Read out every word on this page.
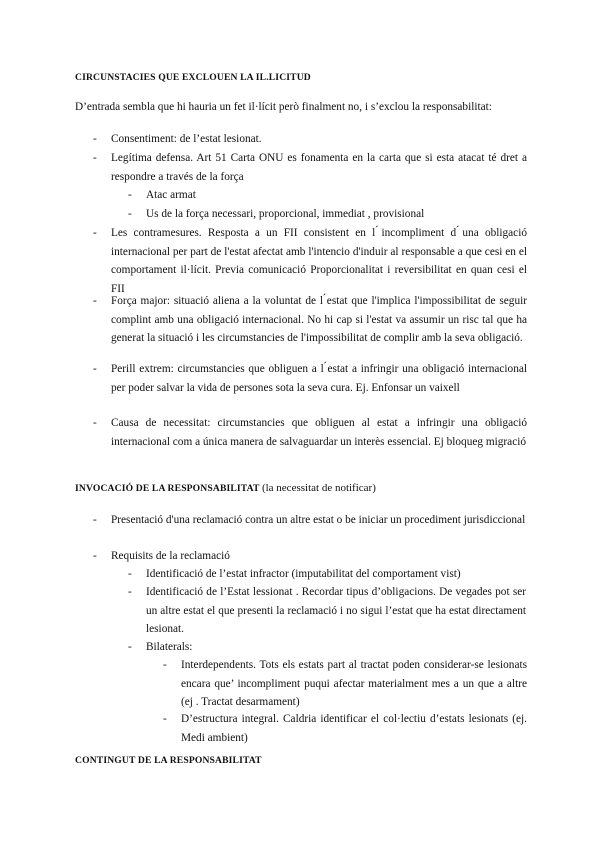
CIRCUNSTACIES QUE EXCLOUEN LA IL.LICITUD
D’entrada sembla que hi hauria un fet il·lícit però finalment no, i s’exclou la responsabilitat:
- Consentiment: de l’estat lesionat.
- Legítima defensa. Art 51 Carta ONU es fonamenta en la carta que si esta atacat té dret a respondre a través de la força
- Atac armat
- Us de la força necessari, proporcional, immediat , provisional
- Les contramesures. Resposta a un FII consistent en l ́incompliment d ́una obligació internacional per part de l'estat afectat amb l'intencio d'induir al responsable a que cesi en el comportament il·lícit. Previa comunicació Proporcionalitat i reversibilitat en quan cesi el FII
- Força major: situació aliena a la voluntat de l ́estat que l'implica l'impossibilitat de seguir complint amb una obligació internacional. No hi cap si l'estat va assumir un risc tal que ha generat la situació i les circumstancies de l'impossibilitat de complir amb la seva obligació.
- Perill extrem: circumstancies que obliguen a l ́estat a infringir una obligació internacional per poder salvar la vida de persones sota la seva cura. Ej. Enfonsar un vaixell
- Causa de necessitat: circumstancies que obliguen al estat a infringir una obligació internacional com a única manera de salvaguardar un interès essencial. Ej bloqueg migració
INVOCACIÓ DE LA RESPONSABILITAT (la necessitat de notificar)
- Presentació d'una reclamació contra un altre estat o be iniciar un procediment jurisdiccional
- Requisits de la reclamació
- Identificació de l’estat infractor (imputabilitat del comportament vist)
- Identificació de l’Estat lessionat . Recordar tipus d’obligacions. De vegades pot ser un altre estat el que presenti la reclamació i no sigui l’estat que ha estat directament lesionat.
- Bilaterals:
- Interdependents. Tots els estats part al tractat poden considerar-se lesionats encara que’ incompliment puqui afectar materialment mes a un que a altre (ej . Tractat desarmament)
- D’estructura integral. Caldria identificar el col·lectiu d’estats lesionats (ej. Medi ambient)
CONTINGUT DE LA RESPONSABILITAT
